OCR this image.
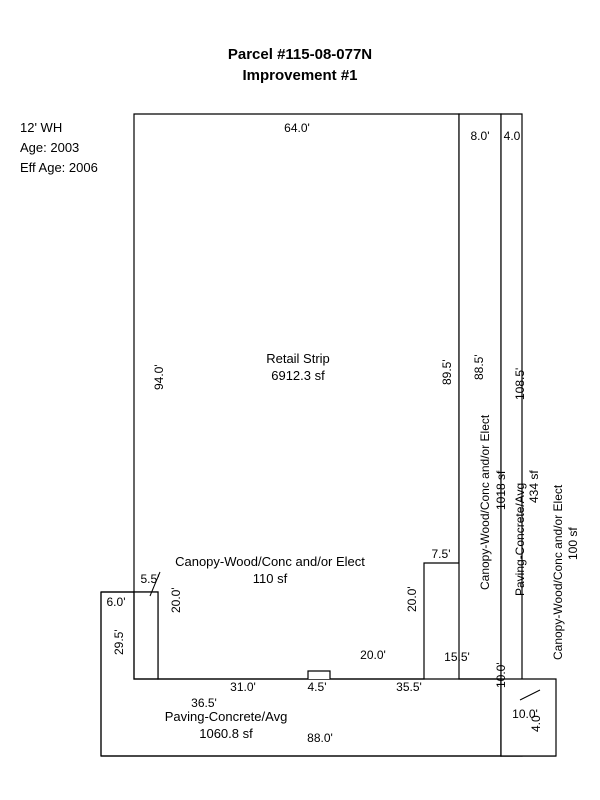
Parcel #115-08-077N
Improvement #1
12' WH
Age: 2003
Eff Age: 2006
Retail Strip
6912.3 sf
Canopy-Wood/Conc and/or Elect
110 sf
Paving-Concrete/Avg
1060.8 sf
Canopy-Wood/Conc and/or Elect 1018 sf Paving-Concrete/Avg 434 sf Canopy-Wood/Conc and/or Elect 100 sf
64.0'
8.0' 4.0
94.0'	89.5' 88.5'
108.5'
5.5'
6.0'	20.0'
29.5'
36.5'
31.0'	4.5'
20.0'
20.0'
7.5'
15.5'
35.5'	10.0'
10.0'
88.0'
4.0
